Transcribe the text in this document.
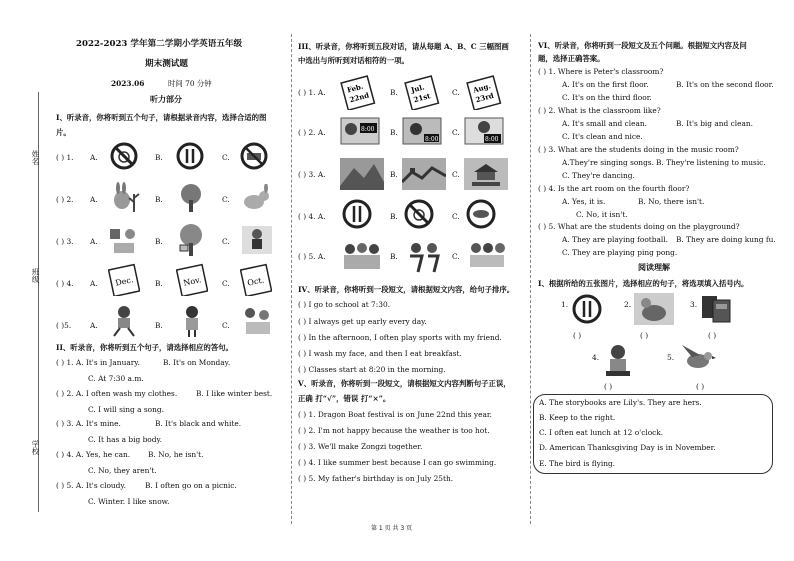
姓名
班级
学校
2022-2023 学年第二学期小学英语五年级
期末测试题
2023.06	时间 70 分钟
听力部分
I、听录音，你将听到五个句子，请根据录音内容，选择合适的图
片。
( ) 1. A.	B.	C.
( ) 2. A.	B.	C.
( ) 3. A.	B.	C.
( ) 4. A.	B.	C.
Dec.	Nov.	Oct.
( )5.	A.	B.	C.
II、听录音，你将听到五个句子，请选择相应的答句。
( ) 1. A. It's in January.	B. It's on Monday.
C. At 7:30 a.m.
( ) 2. A. I often wash my clothes.	B. I like winter best.
C. I will sing a song.
( ) 3. A. It's mine.	B. It's black and white.
C. It has a big body.
( ) 4. A. Yes, he can. B. No, he isn't.
C. No, they aren't.
( ) 5. A. It's cloudy.	B. I often go on a picnic.
C. Winter. I like snow.
III、听录音，你将听到五段对话，请从每题 A、B、C 三幅图画
中选出与所听到对话相符的一项。
( ) 1. A.	B.	C.
Feb.
22nd
Jul.
21st
Aug.
23rd
( ) 2. A.	B.	C.
8:00
8:00	8:00
( ) 3. A.	B.	C.
( ) 4. A.	B.	C.
( ) 5. A.	B.	C.
IV、听录音，你将听到一段短文，请根据短文内容，给句子排序。
( ) I go to school at 7:30.
( ) I always get up early every day.
( ) In the afternoon, I often play sports with my friend.
( ) I wash my face, and then I eat breakfast.
( ) Classes start at 8:20 in the morning.
V、听录音，你将听到一段短文，请根据短文内容判断句子正误，
正确 打“√”，错误 打“×”。
( ) 1. Dragon Boat festival is on June 22nd this year.
( ) 2. I'm not happy because the weather is too hot.
( ) 3. We'll make Zongzi together.
( ) 4. I like summer best because I can go swimming.
( ) 5. My father's birthday is on July 25th.
VI、听录音，你将听到一段短文及五个问题。根据短文内容及问
题，选择正确答案。
( ) 1. Where is Peter's classroom?
A. It's on the first floor.	B. It's on the second floor.
C. It's on the third floor.
( ) 2. What is the classroom like?
A. It's small and clean.	B. It's big and clean.
C. It's clean and nice.
( ) 3. What are the students doing in the music room?
A.They're singing songs. B. They're listening to music.
C. They're dancing.
( ) 4. Is the art room on the fourth floor?
A. Yes, it is.	B. No, there isn't.
C. No, it isn't.
( ) 5. What are the students doing on the playground?
A. They are playing football. B. They are doing kung fu.
C. They are playing ping pong.
阅读理解
I、根据所给的五张图片，选择相应的句子，将选项填入括号内。
1.
( )
2.
( )
3.
( )
4.
( )
5.
( )
A. The storybooks are Lily's. They are hers.
B. Keep to the right.
C. I often eat lunch at 12 o'clock.
D. American Thanksgiving Day is in November.
E. The bird is flying.
第 1 页 共 3 页
